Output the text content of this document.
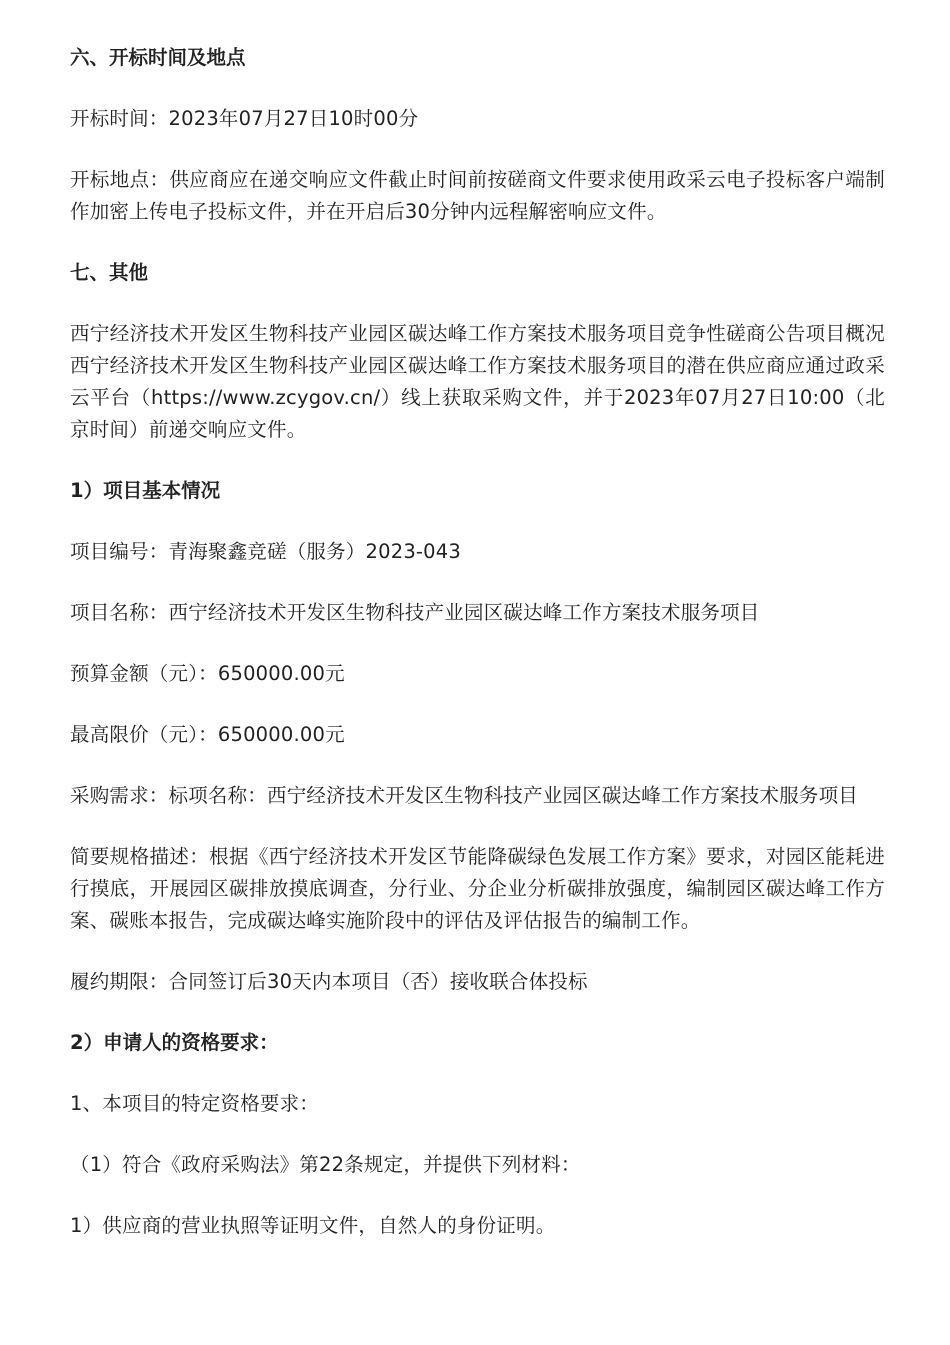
六、开标时间及地点
开标时间：2023年07月27日10时00分
开标地点：供应商应在递交响应文件截止时间前按磋商文件要求使用政采云电子投标客户端制作加密上传电子投标文件，并在开启后30分钟内远程解密响应文件。
七、其他
西宁经济技术开发区生物科技产业园区碳达峰工作方案技术服务项目竞争性磋商公告项目概况西宁经济技术开发区生物科技产业园区碳达峰工作方案技术服务项目的潜在供应商应通过政采云平台（https://www.zcygov.cn/）线上获取采购文件，并于2023年07月27日10:00（北京时间）前递交响应文件。
1）项目基本情况
项目编号：青海聚鑫竞磋（服务）2023-043
项目名称：西宁经济技术开发区生物科技产业园区碳达峰工作方案技术服务项目
预算金额（元）：650000.00元
最高限价（元）：650000.00元
采购需求：标项名称：西宁经济技术开发区生物科技产业园区碳达峰工作方案技术服务项目
简要规格描述：根据《西宁经济技术开发区节能降碳绿色发展工作方案》要求，对园区能耗进行摸底，开展园区碳排放摸底调查，分行业、分企业分析碳排放强度，编制园区碳达峰工作方案、碳账本报告，完成碳达峰实施阶段中的评估及评估报告的编制工作。
履约期限：合同签订后30天内本项目（否）接收联合体投标
2）申请人的资格要求：
1、本项目的特定资格要求：
（1）符合《政府采购法》第22条规定，并提供下列材料：
1）供应商的营业执照等证明文件，自然人的身份证明。
